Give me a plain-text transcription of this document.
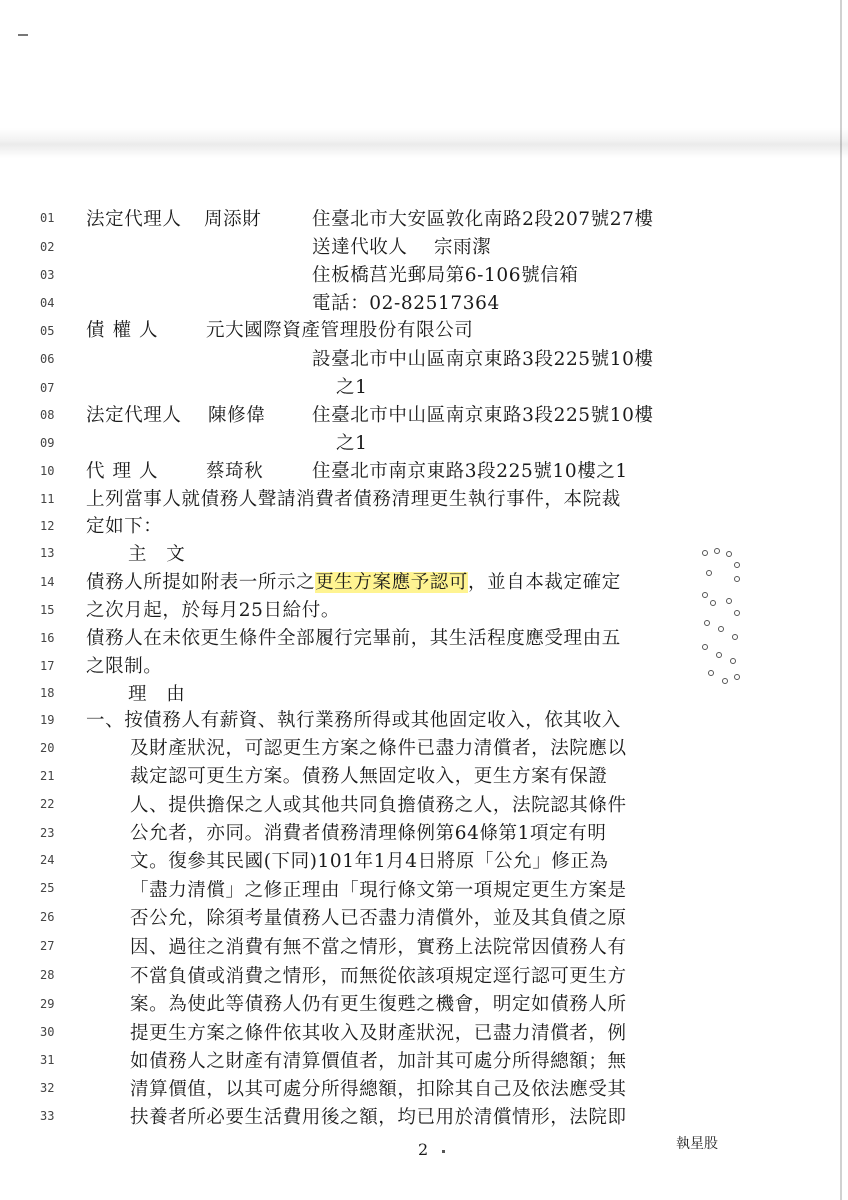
01
02
03
04
05
06
07
08
09
10
11
12
13
14
15
16
17
18
19
20
21
22
23
24
25
26
27
28
29
30
31
32
33
法定代理人 周添財	住臺北市大安區敦化南路2段207號27樓
送達代收人 宗雨潔
住板橋莒光郵局第6-106號信箱
電話：02-82517364
債權人 元大國際資產管理股份有限公司
設臺北市中山區南京東路3段225號10樓
之1
法定代理人 陳修偉	住臺北市中山區南京東路3段225號10樓
之1
代理人 蔡琦秋	住臺北市南京東路3段225號10樓之1
上列當事人就債務人聲請消費者債務清理更生執行事件，本院裁
定如下：
主　文
債務人所提如附表一所示之更生方案應予認可，並自本裁定確定
之次月起，於每月25日給付。
債務人在未依更生條件全部履行完畢前，其生活程度應受理由五
之限制。
理　由
一、按債務人有薪資、執行業務所得或其他固定收入，依其收入
及財產狀況，可認更生方案之條件已盡力清償者，法院應以
裁定認可更生方案。債務人無固定收入，更生方案有保證
人、提供擔保之人或其他共同負擔債務之人，法院認其條件
公允者，亦同。消費者債務清理條例第64條第1項定有明
文。復參其民國(下同)101年1月4日將原「公允」修正為
「盡力清償」之修正理由「現行條文第一項規定更生方案是
否公允，除須考量債務人已否盡力清償外，並及其負債之原
因、過往之消費有無不當之情形，實務上法院常因債務人有
不當負債或消費之情形，而無從依該項規定逕行認可更生方
案。為使此等債務人仍有更生復甦之機會，明定如債務人所
提更生方案之條件依其收入及財產狀況，已盡力清償者，例
如債務人之財產有清算價值者，加計其可處分所得總額；無
清算價值，以其可處分所得總額，扣除其自己及依法應受其
扶養者所必要生活費用後之額，均已用於清償情形，法院即
2	執星股
